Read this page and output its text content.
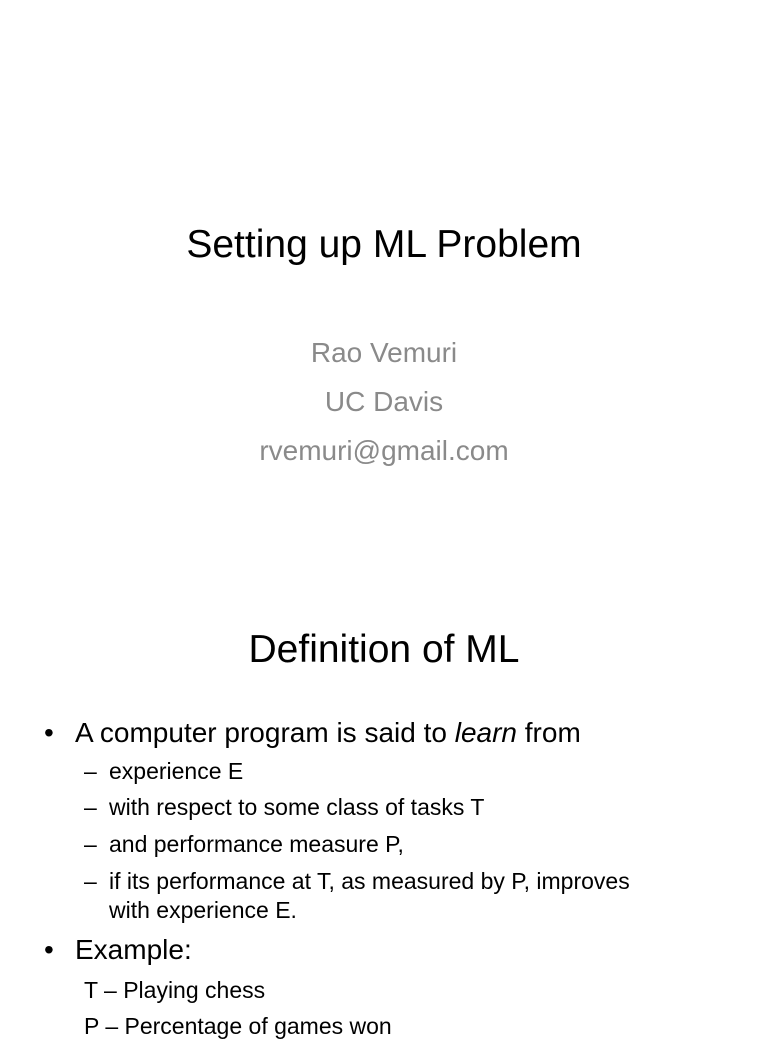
Setting up ML Problem
Rao Vemuri
UC Davis
rvemuri@gmail.com
Definition of ML
• A computer program is said to learn from
– experience E
– with respect to some class of tasks T
– and performance measure P,
– if its performance at T, as measured by P, improves
with experience E.
• Example:
T – Playing chess
P – Percentage of games won
